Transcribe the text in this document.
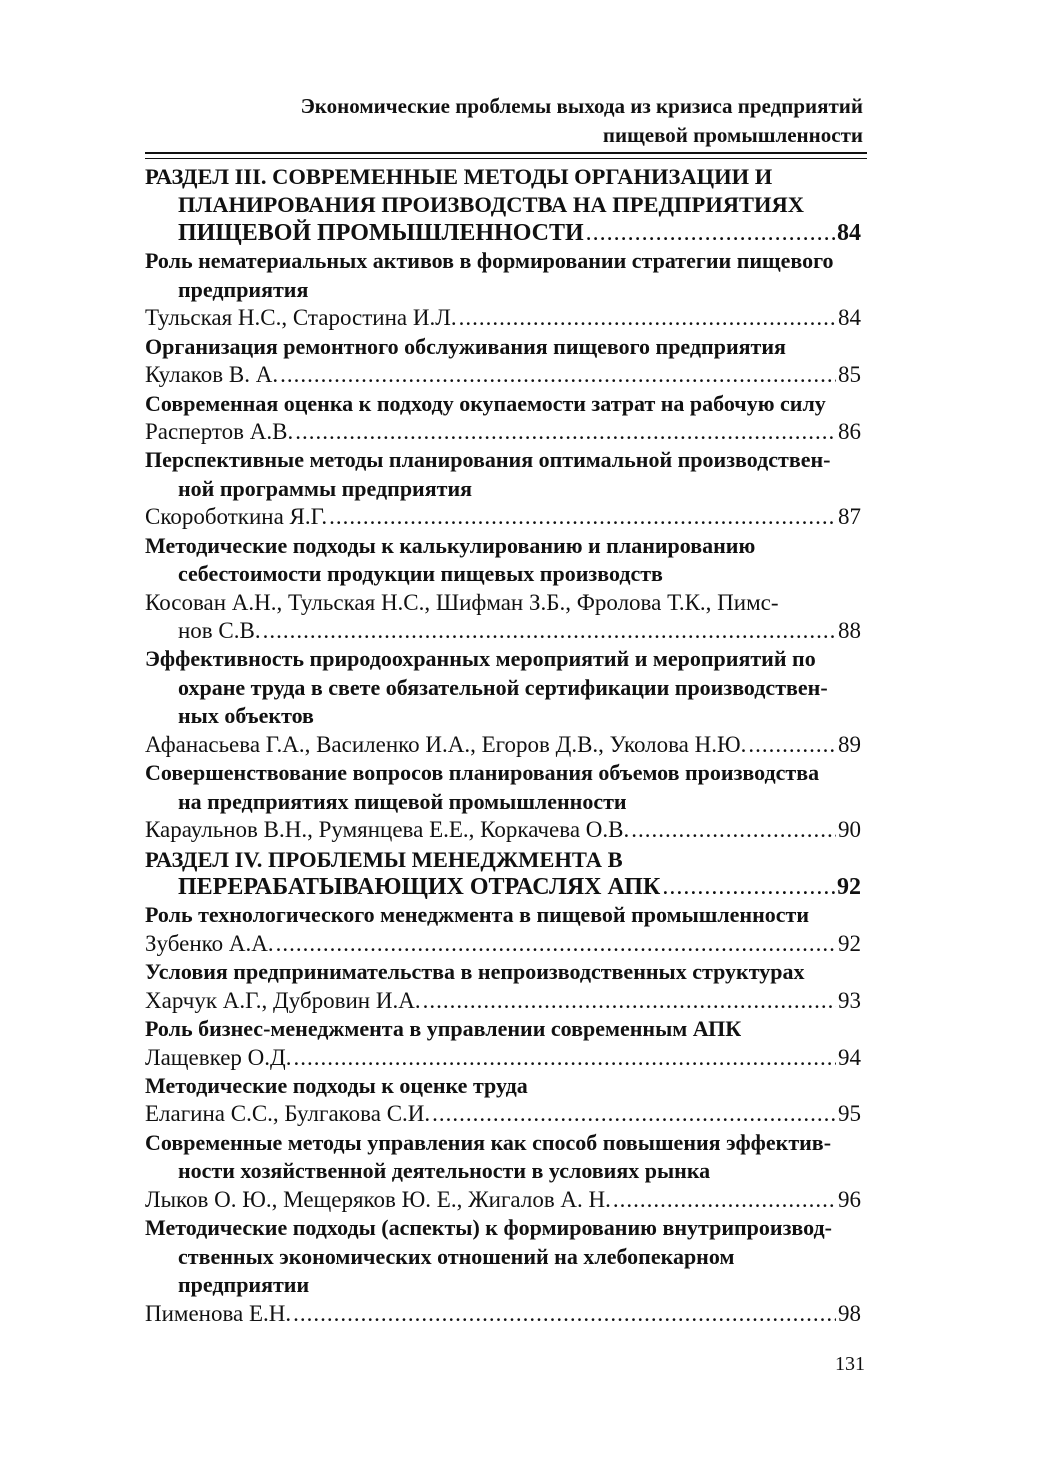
Экономические проблемы выхода из кризиса предприятий
пищевой промышленности
РАЗДЕЛ III. СОВРЕМЕННЫЕ МЕТОДЫ ОРГАНИЗАЦИИ И
ПЛАНИРОВАНИЯ ПРОИЗВОДСТВА НА ПРЕДПРИЯТИЯХ
ПИЩЕВОЙ ПРОМЫШЛЕННОСТИ .....	84
Роль нематериальных активов в формировании стратегии пищевого
предприятия
Тульская Н.С., Старостина И.Л. .....	84
Организация ремонтного обслуживания пищевого предприятия
Кулаков В. А. .....	85
Современная оценка к подходу окупаемости затрат на рабочую силу
Распертов А.В. .....	86
Перспективные методы планирования оптимальной производствен-
ной программы предприятия
Скороботкина Я.Г. .....	87
Методические подходы к калькулированию и планированию
себестоимости продукции пищевых производств
Косован А.Н., Тульская Н.С., Шифман З.Б., Фролова Т.К., Пимс-
нов С.В. .....	88
Эффективность природоохранных мероприятий и мероприятий по
охране труда в свете обязательной сертификации производствен-
ных объектов
Афанасьева Г.А., Василенко И.А., Егоров Д.В., Уколова Н.Ю. .....	89
Совершенствование вопросов планирования объемов производства
на предприятиях пищевой промышленности
Караульнов В.Н., Румянцева Е.Е., Коркачева О.В. .....	90
РАЗДЕЛ IV. ПРОБЛЕМЫ МЕНЕДЖМЕНТА В
ПЕРЕРАБАТЫВАЮЩИХ ОТРАСЛЯХ АПК .....	92
Роль технологического менеджмента в пищевой промышленности
Зубенко А.А. .....	92
Условия предпринимательства в непроизводственных структурах
Харчук А.Г., Дубровин И.А. .....	93
Роль бизнес-менеджмента в управлении современным АПК
Лащевкер О.Д. .....	94
Методические подходы к оценке труда
Елагина С.С., Булгакова С.И. .....	95
Современные методы управления как способ повышения эффектив-
ности хозяйственной деятельности в условиях рынка
Лыков О. Ю., Мещеряков Ю. Е., Жигалов А. Н. .....	96
Методические подходы (аспекты) к формированию внутрипроизвод-
ственных экономических отношений на хлебопекарном
предприятии
Пименова Е.Н. .....	98
131
